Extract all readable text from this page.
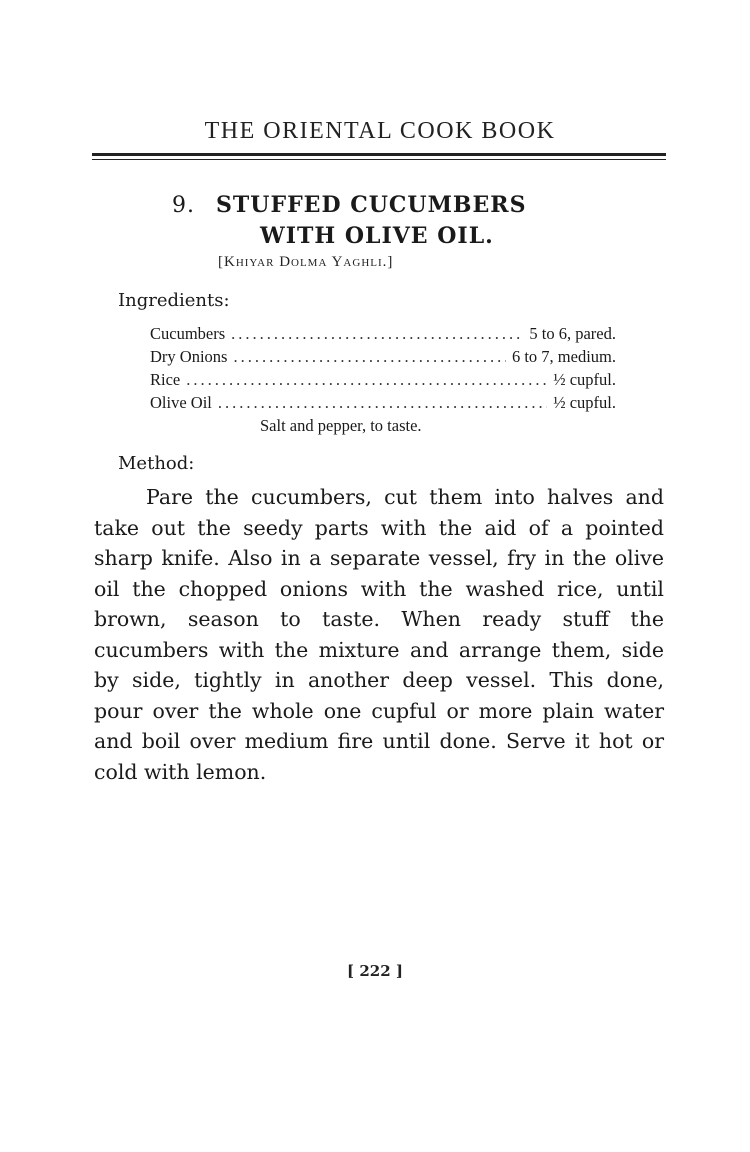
THE ORIENTAL COOK BOOK
9. STUFFED CUCUMBERS
WITH OLIVE OIL.
[Khiyar Dolma Yaghli.]
Ingredients:
Cucumbers .....	5 to 6, pared.
Dry Onions .....	6 to 7, medium.
Rice .....	½ cupful.
Olive Oil .....	½ cupful.
Salt and pepper, to taste.
Method:

Pare the cucumbers, cut them into halves and take out the seedy parts with the aid of a pointed sharp knife. Also in a separate vessel, fry in the olive oil the chopped onions with the washed rice, until brown, season to taste. When ready stuff the cucumbers with the mixture and arrange them, side by side, tightly in another deep vessel. This done, pour over the whole one cupful or more plain water and boil over medium fire until done. Serve it hot or cold with lemon.

[ 222 ]
